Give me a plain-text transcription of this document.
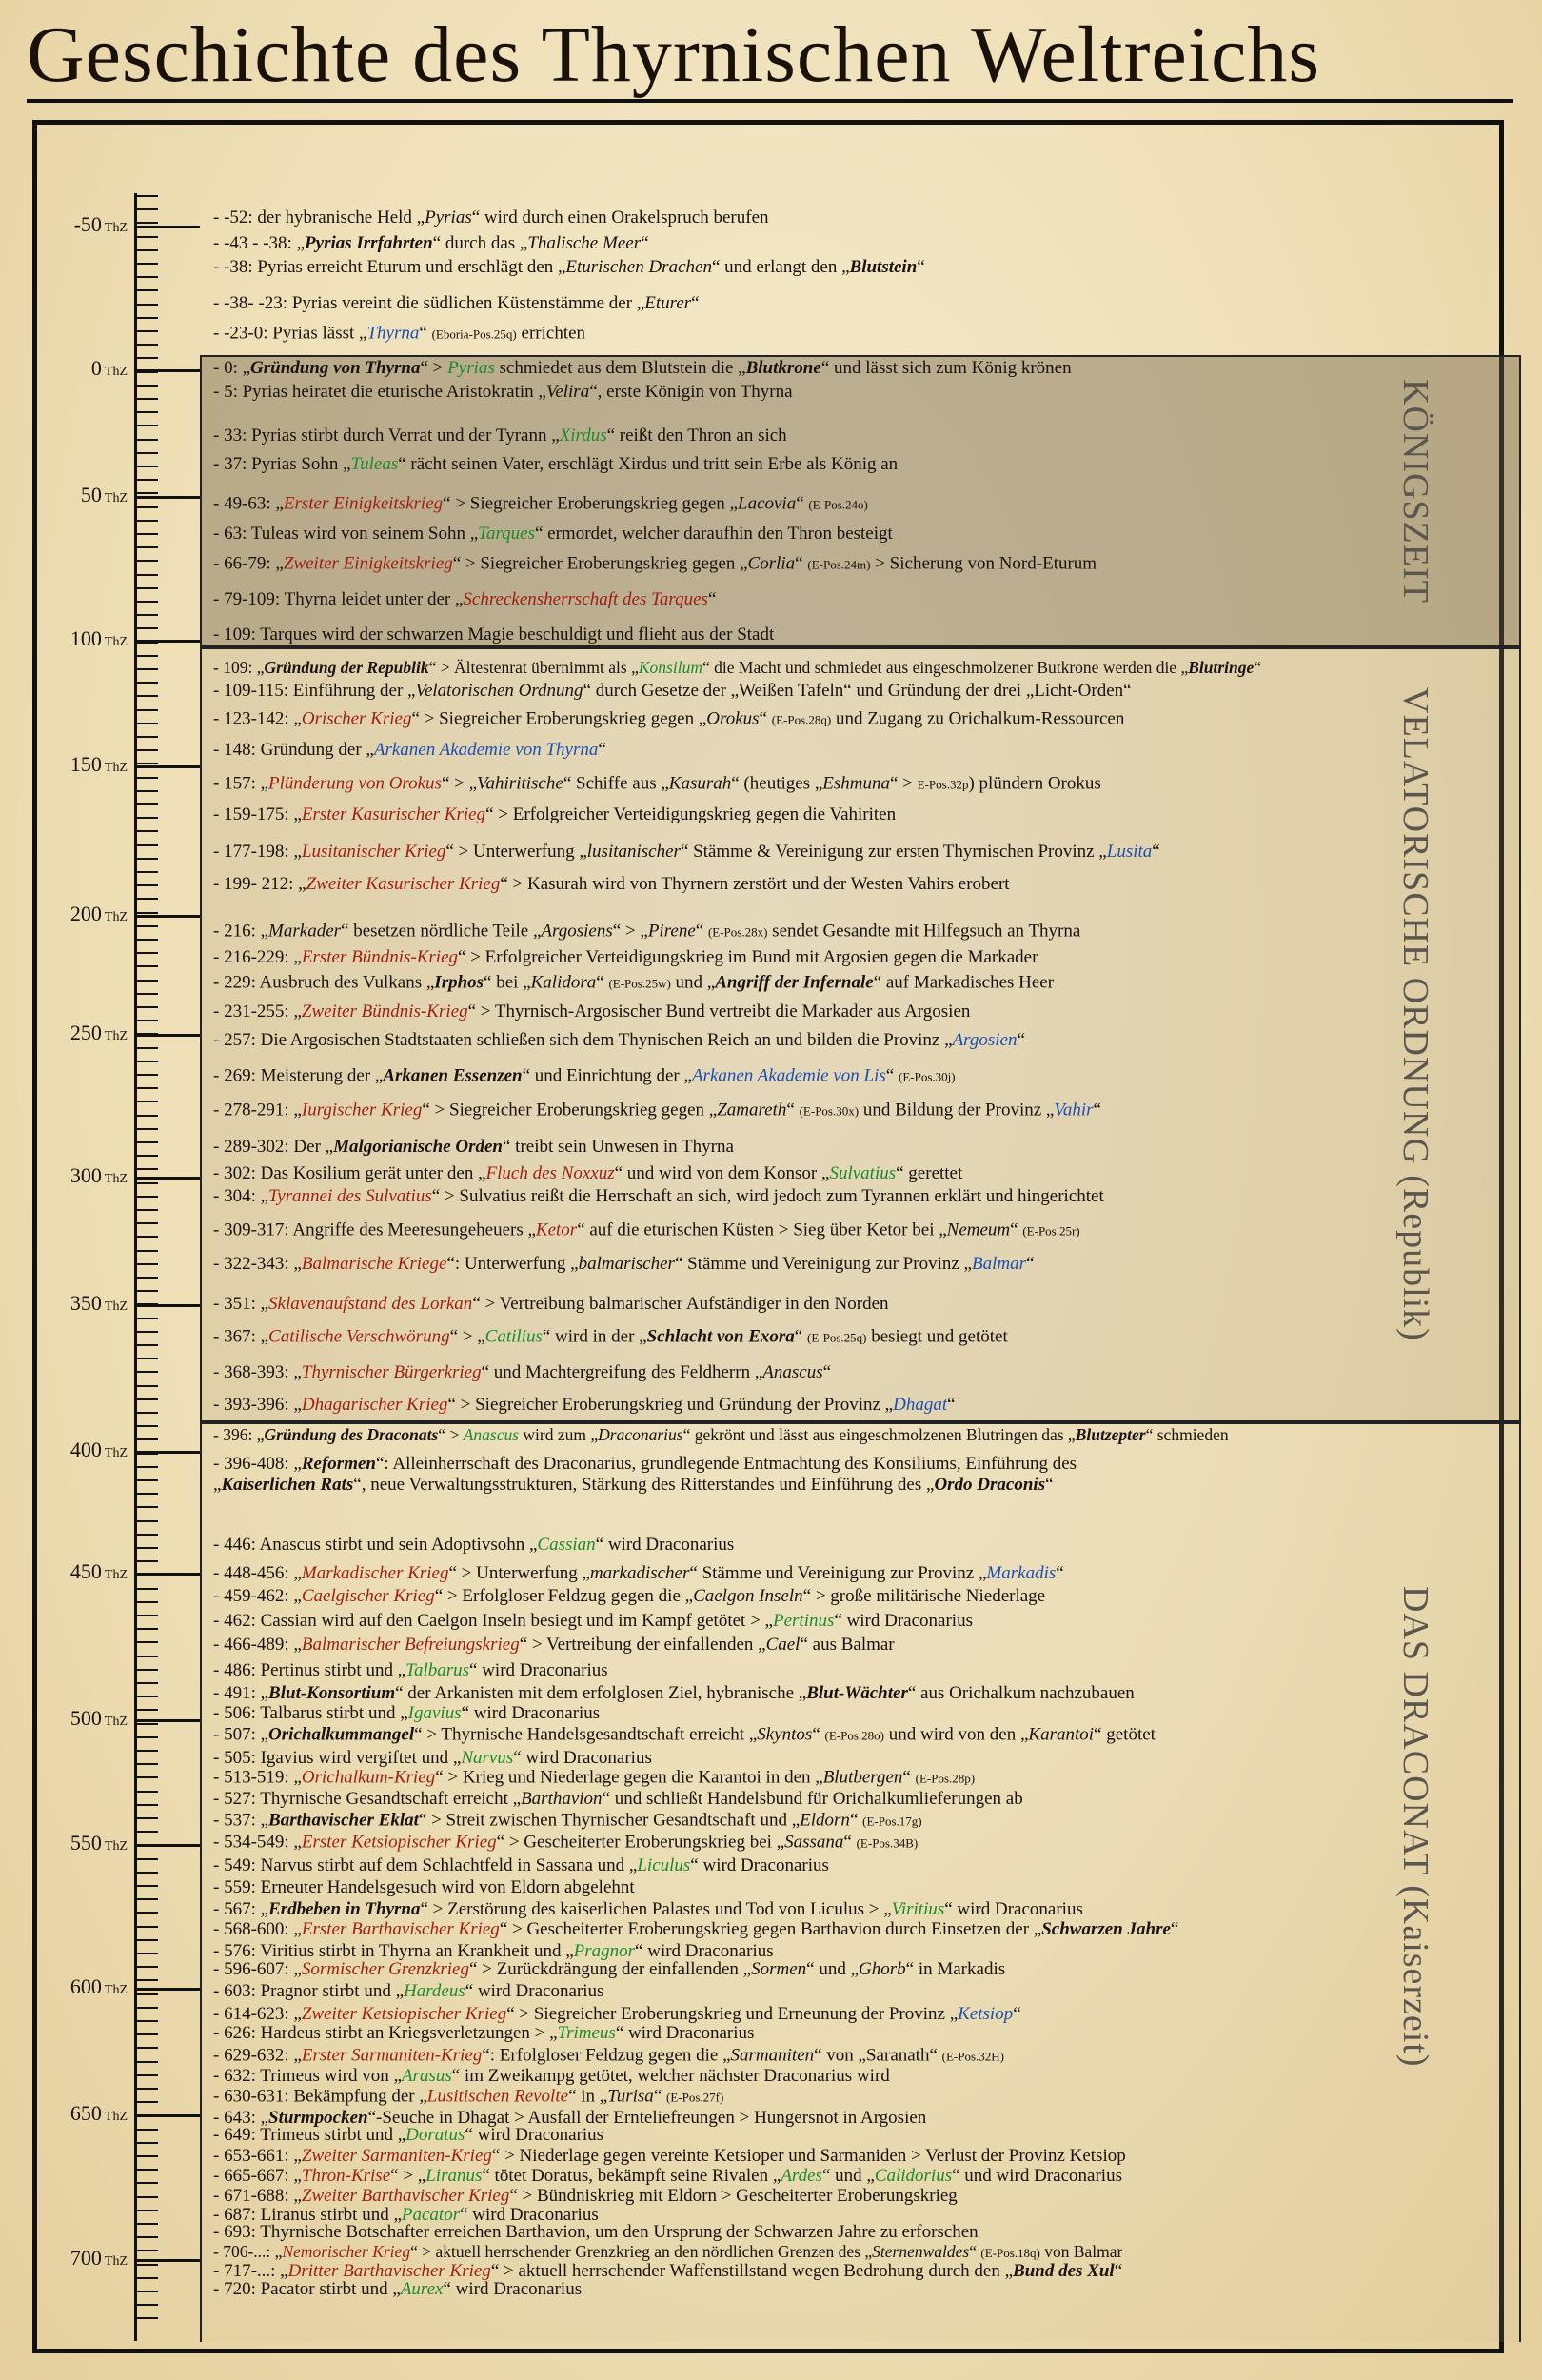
Geschichte des Thyrnischen Weltreichs
-50 ThZ
0 ThZ
50 ThZ
100 ThZ
150 ThZ
200 ThZ
250 ThZ
300 ThZ
350 ThZ
400 ThZ
450 ThZ
500 ThZ
550 ThZ
600 ThZ
650 ThZ
700 ThZ
KÖNIGSZEIT
VELATORISCHE ORDNUNG (Republik)
DAS DRACONAT (Kaiserzeit)
- -52: der hybranische Held „Pyrias“ wird durch einen Orakelspruch berufen
- -43 - -38: „Pyrias Irrfahrten“ durch das „Thalische Meer“
- -38: Pyrias erreicht Eturum und erschlägt den „Eturischen Drachen“ und erlangt den „Blutstein“
- -38- -23: Pyrias vereint die südlichen Küstenstämme der „Eturer“
- -23-0: Pyrias lässt „Thyrna“ (Eboria-Pos.25q) errichten
- 0: „Gründung von Thyrna“ > Pyrias schmiedet aus dem Blutstein die „Blutkrone“ und lässt sich zum König krönen
- 5: Pyrias heiratet die eturische Aristokratin „Velira“, erste Königin von Thyrna
- 33: Pyrias stirbt durch Verrat und der Tyrann „Xirdus“ reißt den Thron an sich
- 37: Pyrias Sohn „Tuleas“ rächt seinen Vater, erschlägt Xirdus und tritt sein Erbe als König an
- 49-63: „Erster Einigkeitskrieg“ > Siegreicher Eroberungskrieg gegen „Lacovia“ (E-Pos.24o)
- 63: Tuleas wird von seinem Sohn „Tarques“ ermordet, welcher daraufhin den Thron besteigt
- 66-79: „Zweiter Einigkeitskrieg“ > Siegreicher Eroberungskrieg gegen „Corlia“ (E-Pos.24m) > Sicherung von Nord-Eturum
- 79-109: Thyrna leidet unter der „Schreckensherrschaft des Tarques“
- 109: Tarques wird der schwarzen Magie beschuldigt und flieht aus der Stadt
- 109: „Gründung der Republik“ > Ältestenrat übernimmt als „Konsilum“ die Macht und schmiedet aus eingeschmolzener Butkrone werden die „Blutringe“
- 109-115: Einführung der „Velatorischen Ordnung“ durch Gesetze der „Weißen Tafeln“ und Gründung der drei „Licht-Orden“
- 123-142: „Orischer Krieg“ > Siegreicher Eroberungskrieg gegen „Orokus“ (E-Pos.28q) und Zugang zu Orichalkum-Ressourcen
- 148: Gründung der „Arkanen Akademie von Thyrna“
- 157: „Plünderung von Orokus“ > „Vahiritische“ Schiffe aus „Kasurah“ (heutiges „Eshmuna“ > E-Pos.32p) plündern Orokus
- 159-175: „Erster Kasurischer Krieg“ > Erfolgreicher Verteidigungskrieg gegen die Vahiriten
- 177-198: „Lusitanischer Krieg“ > Unterwerfung „lusitanischer“ Stämme & Vereinigung zur ersten Thyrnischen Provinz „Lusita“
- 199- 212: „Zweiter Kasurischer Krieg“ > Kasurah wird von Thyrnern zerstört und der Westen Vahirs erobert
- 216: „Markader“ besetzen nördliche Teile „Argosiens“ > „Pirene“ (E-Pos.28x) sendet Gesandte mit Hilfegsuch an Thyrna
- 216-229: „Erster Bündnis-Krieg“ > Erfolgreicher Verteidigungskrieg im Bund mit Argosien gegen die Markader
- 229: Ausbruch des Vulkans „Irphos“ bei „Kalidora“ (E-Pos.25w) und „Angriff der Infernale“ auf Markadisches Heer
- 231-255: „Zweiter Bündnis-Krieg“ > Thyrnisch-Argosischer Bund vertreibt die Markader aus Argosien
- 257: Die Argosischen Stadtstaaten schließen sich dem Thynischen Reich an und bilden die Provinz „Argosien“
- 269: Meisterung der „Arkanen Essenzen“ und Einrichtung der „Arkanen Akademie von Lis“ (E-Pos.30j)
- 278-291: „Iurgischer Krieg“ > Siegreicher Eroberungskrieg gegen „Zamareth“ (E-Pos.30x) und Bildung der Provinz „Vahir“
- 289-302: Der „Malgorianische Orden“ treibt sein Unwesen in Thyrna
- 302: Das Kosilium gerät unter den „Fluch des Noxxuz“ und wird von dem Konsor „Sulvatius“ gerettet
- 304: „Tyrannei des Sulvatius“ > Sulvatius reißt die Herrschaft an sich, wird jedoch zum Tyrannen erklärt und hingerichtet
- 309-317: Angriffe des Meeresungeheuers „Ketor“ auf die eturischen Küsten > Sieg über Ketor bei „Nemeum“ (E-Pos.25r)
- 322-343: „Balmarische Kriege“: Unterwerfung „balmarischer“ Stämme und Vereinigung zur Provinz „Balmar“
- 351: „Sklavenaufstand des Lorkan“ > Vertreibung balmarischer Aufständiger in den Norden
- 367: „Catilische Verschwörung“ > „Catilius“ wird in der „Schlacht von Exora“ (E-Pos.25q) besiegt und getötet
- 368-393: „Thyrnischer Bürgerkrieg“ und Machtergreifung des Feldherrn „Anascus“
- 393-396: „Dhagarischer Krieg“ > Siegreicher Eroberungskrieg und Gründung der Provinz „Dhagat“
- 396: „Gründung des Draconats“ > Anascus wird zum „Draconarius“ gekrönt und lässt aus eingeschmolzenen Blutringen das „Blutzepter“ schmieden
- 396-408: „Reformen“: Alleinherrschaft des Draconarius, grundlegende Entmachtung des Konsiliums, Einführung des
„Kaiserlichen Rats“, neue Verwaltungsstrukturen, Stärkung des Ritterstandes und Einführung des „Ordo Draconis“
- 446: Anascus stirbt und sein Adoptivsohn „Cassian“ wird Draconarius
- 448-456: „Markadischer Krieg“ > Unterwerfung „markadischer“ Stämme und Vereinigung zur Provinz „Markadis“
- 459-462: „Caelgischer Krieg“ > Erfolgloser Feldzug gegen die „Caelgon Inseln“ > große militärische Niederlage
- 462: Cassian wird auf den Caelgon Inseln besiegt und im Kampf getötet > „Pertinus“ wird Draconarius
- 466-489: „Balmarischer Befreiungskrieg“ > Vertreibung der einfallenden „Cael“ aus Balmar
- 486: Pertinus stirbt und „Talbarus“ wird Draconarius
- 491: „Blut-Konsortium“ der Arkanisten mit dem erfolglosen Ziel, hybranische „Blut-Wächter“ aus Orichalkum nachzubauen
- 506: Talbarus stirbt und „Igavius“ wird Draconarius
- 507: „Orichalkummangel“ > Thyrnische Handelsgesandtschaft erreicht „Skyntos“ (E-Pos.28o) und wird von den „Karantoi“ getötet
- 505: Igavius wird vergiftet und „Narvus“ wird Draconarius
- 513-519: „Orichalkum-Krieg“ > Krieg und Niederlage gegen die Karantoi in den „Blutbergen“ (E-Pos.28p)
- 527: Thyrnische Gesandtschaft erreicht „Barthavion“ und schließt Handelsbund für Orichalkumlieferungen ab
- 537: „Barthavischer Eklat“ > Streit zwischen Thyrnischer Gesandtschaft und „Eldorn“ (E-Pos.17g)
- 534-549: „Erster Ketsiopischer Krieg“ > Gescheiterter Eroberungskrieg bei „Sassana“ (E-Pos.34B)
- 549: Narvus stirbt auf dem Schlachtfeld in Sassana und „Liculus“ wird Draconarius
- 559: Erneuter Handelsgesuch wird von Eldorn abgelehnt
- 567: „Erdbeben in Thyrna“ > Zerstörung des kaiserlichen Palastes und Tod von Liculus > „Viritius“ wird Draconarius
- 568-600: „Erster Barthavischer Krieg“ > Gescheiterter Eroberungskrieg gegen Barthavion durch Einsetzen der „Schwarzen Jahre“
- 576: Viritius stirbt in Thyrna an Krankheit und „Pragnor“ wird Draconarius
- 596-607: „Sormischer Grenzkrieg“ > Zurückdrängung der einfallenden „Sormen“ und „Ghorb“ in Markadis
- 603: Pragnor stirbt und „Hardeus“ wird Draconarius
- 614-623: „Zweiter Ketsiopischer Krieg“ > Siegreicher Eroberungskrieg und Erneunung der Provinz „Ketsiop“
- 626: Hardeus stirbt an Kriegsverletzungen > „Trimeus“ wird Draconarius
- 629-632: „Erster Sarmaniten-Krieg“: Erfolgloser Feldzug gegen die „Sarmaniten“ von „Saranath“ (E-Pos.32H)
- 632: Trimeus wird von „Arasus“ im Zweikampg getötet, welcher nächster Draconarius wird
- 630-631: Bekämpfung der „Lusitischen Revolte“ in „Turisa“ (E-Pos.27f)
- 643: „Sturmpocken“-Seuche in Dhagat > Ausfall der Ernteliefreungen > Hungersnot in Argosien
- 649: Trimeus stirbt und „Doratus“ wird Draconarius
- 653-661: „Zweiter Sarmaniten-Krieg“ > Niederlage gegen vereinte Ketsioper und Sarmaniden > Verlust der Provinz Ketsiop
- 665-667: „Thron-Krise“ > „Liranus“ tötet Doratus, bekämpft seine Rivalen „Ardes“ und „Calidorius“ und wird Draconarius
- 671-688: „Zweiter Barthavischer Krieg“ > Bündniskrieg mit Eldorn > Gescheiterter Eroberungskrieg
- 687: Liranus stirbt und „Pacator“ wird Draconarius
- 693: Thyrnische Botschafter erreichen Barthavion, um den Ursprung der Schwarzen Jahre zu erforschen
- 706-...: „Nemorischer Krieg“ > aktuell herrschender Grenzkrieg an den nördlichen Grenzen des „Sternenwaldes“ (E-Pos.18q) von Balmar
- 717-...: „Dritter Barthavischer Krieg“ > aktuell herrschender Waffenstillstand wegen Bedrohung durch den „Bund des Xul“
- 720: Pacator stirbt und „Aurex“ wird Draconarius
